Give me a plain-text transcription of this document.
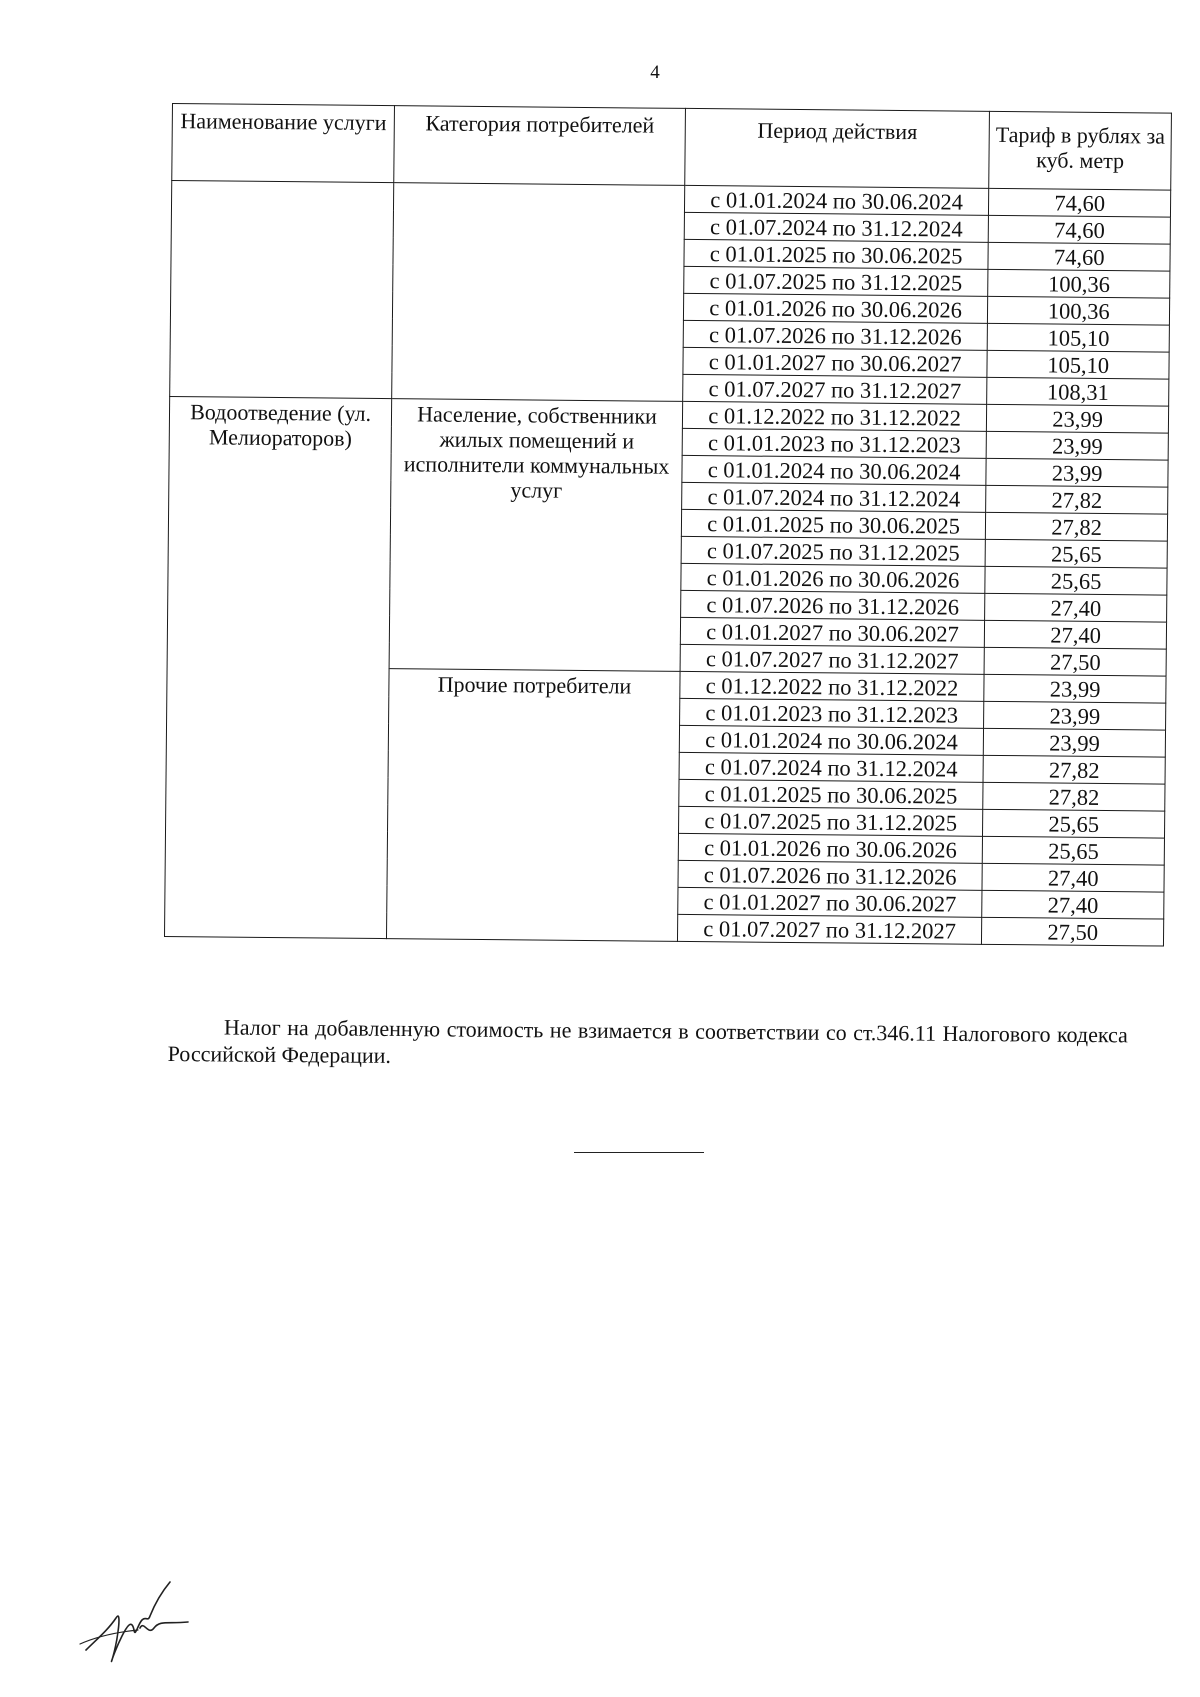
4
Наименование услуги	Категория потребителей	Период действия	Тариф в рублях за куб. метр
		с 01.01.2024 по 30.06.2024	74,60
		с 01.07.2024 по 31.12.2024	74,60
		с 01.01.2025 по 30.06.2025	74,60
		с 01.07.2025 по 31.12.2025	100,36
		с 01.01.2026 по 30.06.2026	100,36
		с 01.07.2026 по 31.12.2026	105,10
		с 01.01.2027 по 30.06.2027	105,10
		с 01.07.2027 по 31.12.2027	108,31
Водоотведение (ул. Мелиораторов)	Население, собственники жилых помещений и исполнители коммунальных услуг	с 01.12.2022 по 31.12.2022	23,99
		с 01.01.2023 по 31.12.2023	23,99
		с 01.01.2024 по 30.06.2024	23,99
		с 01.07.2024 по 31.12.2024	27,82
		с 01.01.2025 по 30.06.2025	27,82
		с 01.07.2025 по 31.12.2025	25,65
		с 01.01.2026 по 30.06.2026	25,65
		с 01.07.2026 по 31.12.2026	27,40
		с 01.01.2027 по 30.06.2027	27,40
		с 01.07.2027 по 31.12.2027	27,50
	Прочие потребители	с 01.12.2022 по 31.12.2022	23,99
		с 01.01.2023 по 31.12.2023	23,99
		с 01.01.2024 по 30.06.2024	23,99
		с 01.07.2024 по 31.12.2024	27,82
		с 01.01.2025 по 30.06.2025	27,82
		с 01.07.2025 по 31.12.2025	25,65
		с 01.01.2026 по 30.06.2026	25,65
		с 01.07.2026 по 31.12.2026	27,40
		с 01.01.2027 по 30.06.2027	27,40
		с 01.07.2027 по 31.12.2027	27,50

Налог на добавленную стоимость не взимается в соответствии со ст.346.11 Налогового кодекса Российской Федерации.
